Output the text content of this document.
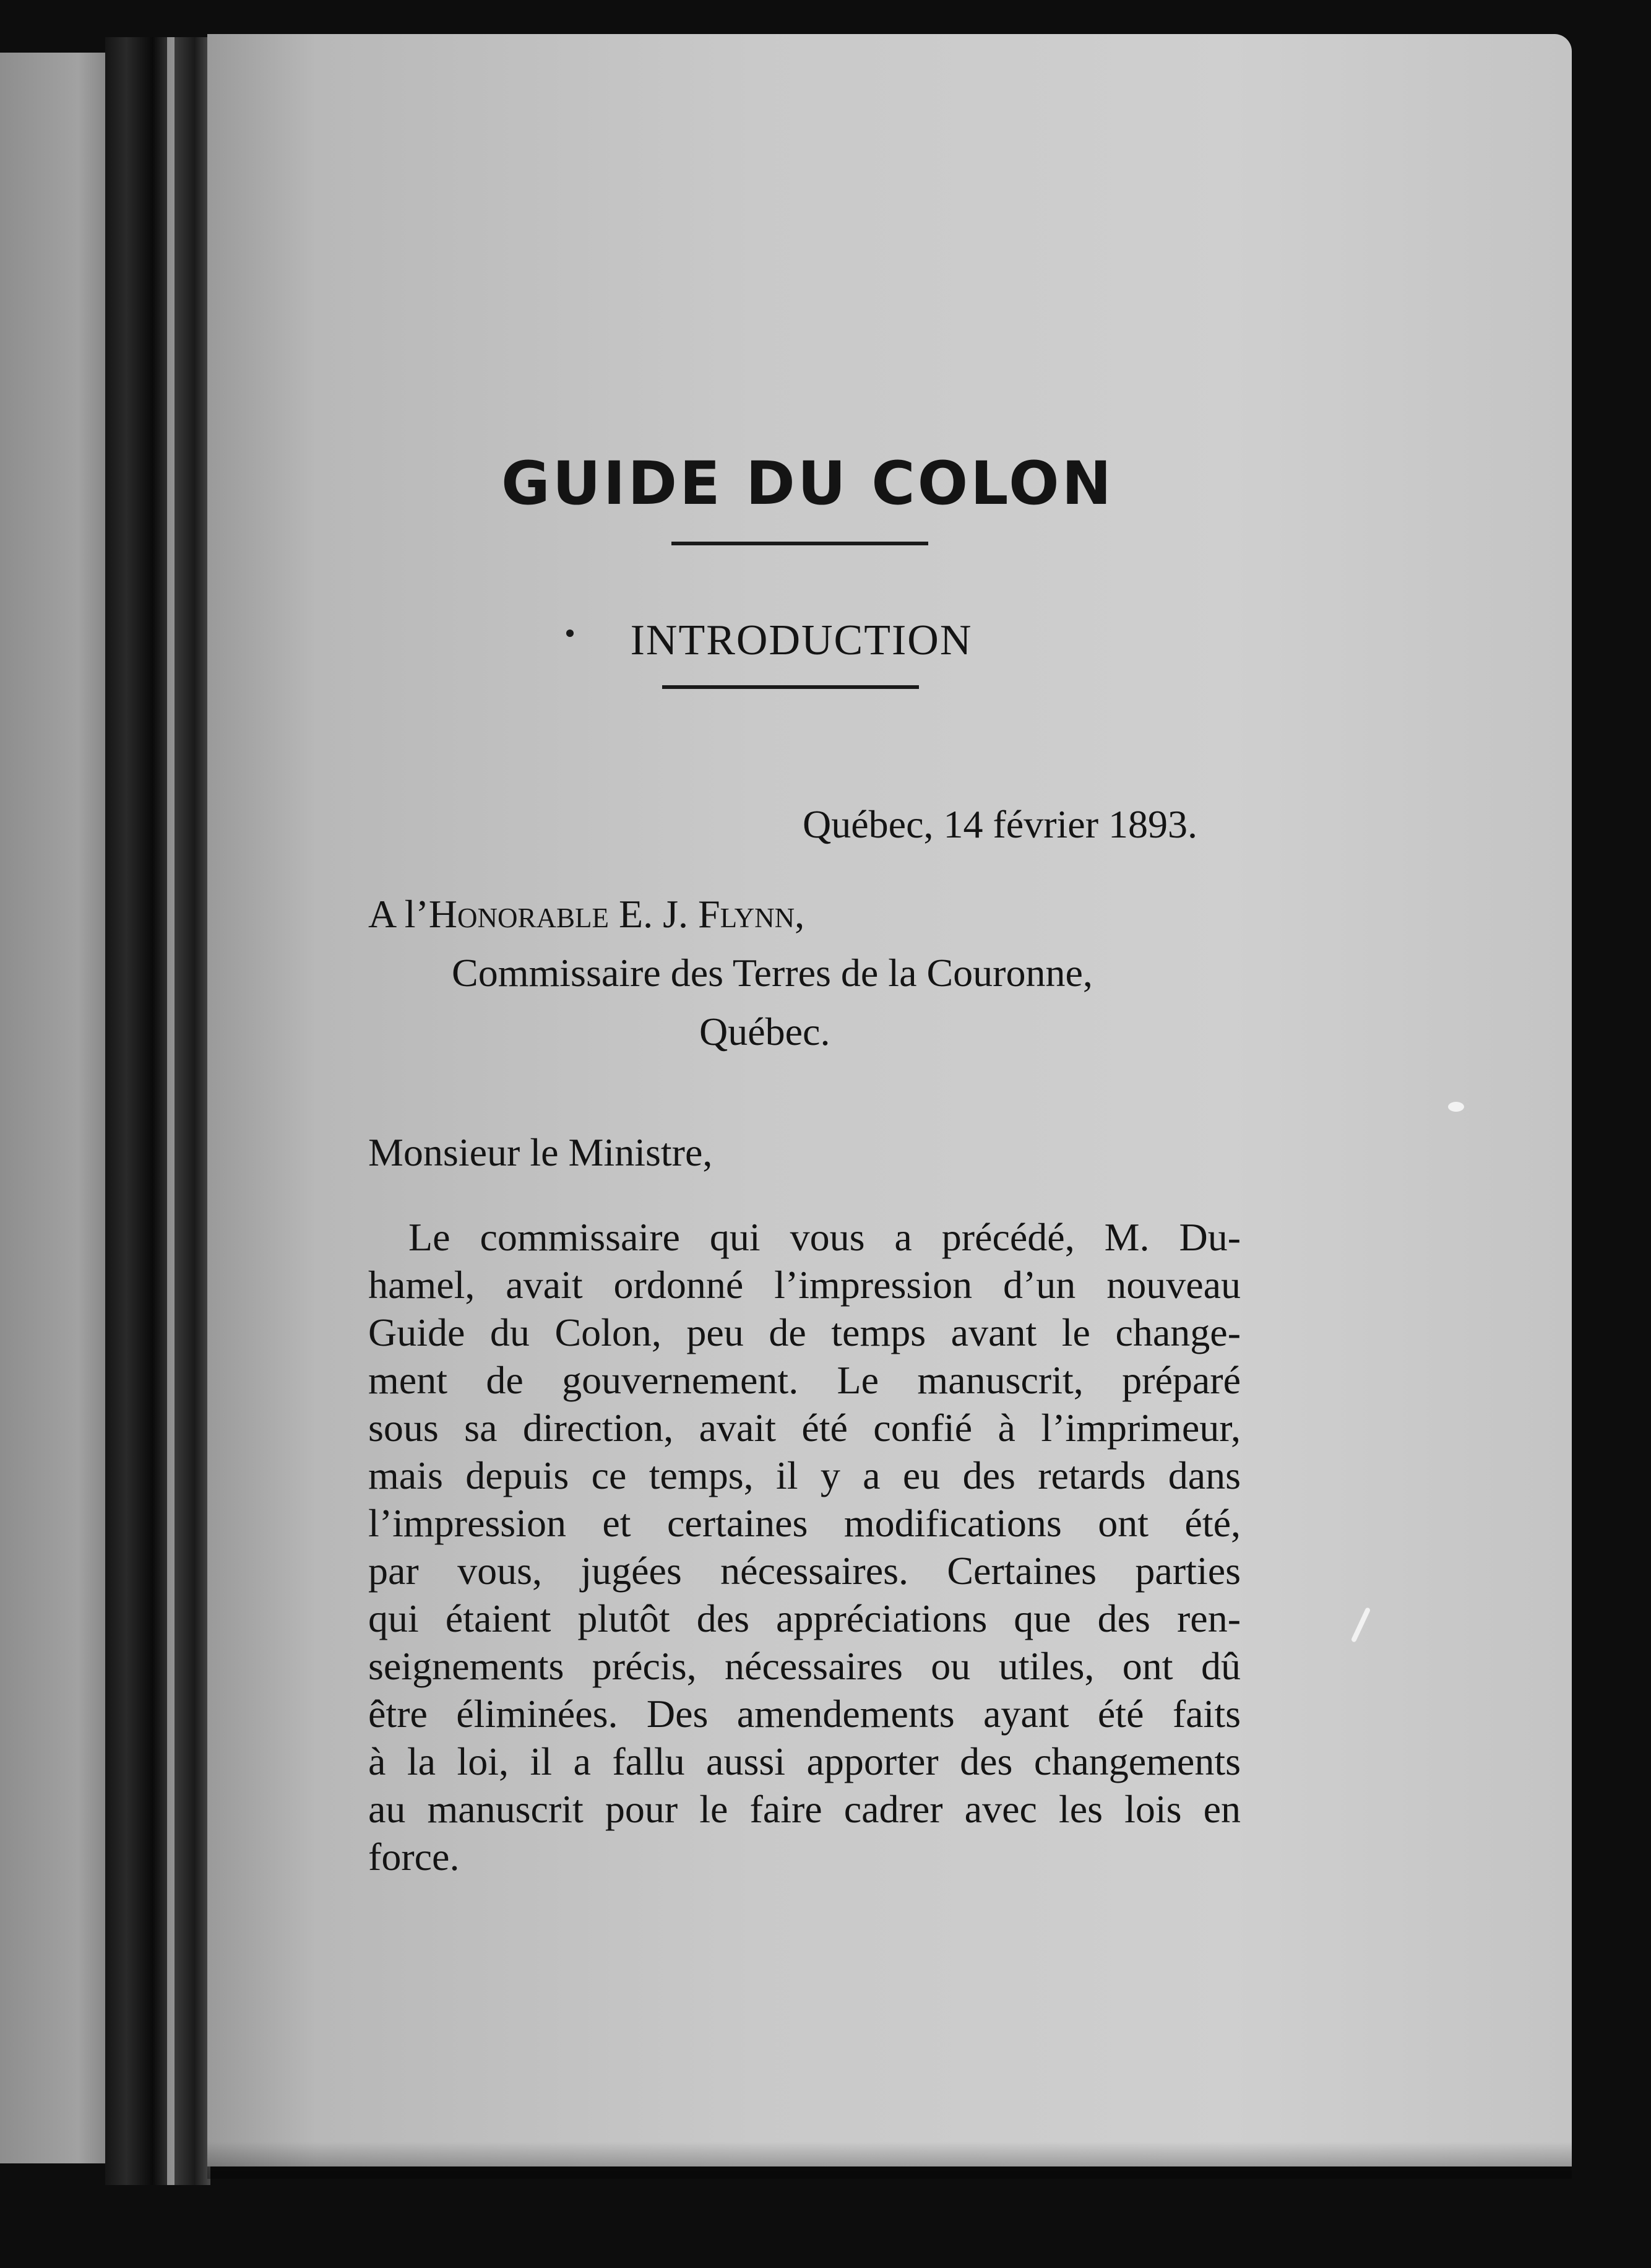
GUIDE DU COLON
INTRODUCTION
Québec, 14 février 1893.
A l’Honorable E. J. Flynn,
Commissaire des Terres de la Couronne,
Québec.
Monsieur le Ministre,
Le commissaire qui vous a précédé, M. Du-
hamel, avait ordonné l’impression d’un nouveau
Guide du Colon, peu de temps avant le change-
ment de gouvernement. Le manuscrit, préparé
sous sa direction, avait été confié à l’imprimeur,
mais depuis ce temps, il y a eu des retards dans
l’impression et certaines modifications ont été,
par vous, jugées nécessaires. Certaines parties
qui étaient plutôt des appréciations que des ren-
seignements précis, nécessaires ou utiles, ont dû
être éliminées. Des amendements ayant été faits
à la loi, il a fallu aussi apporter des changements
au manuscrit pour le faire cadrer avec les lois en
force.
